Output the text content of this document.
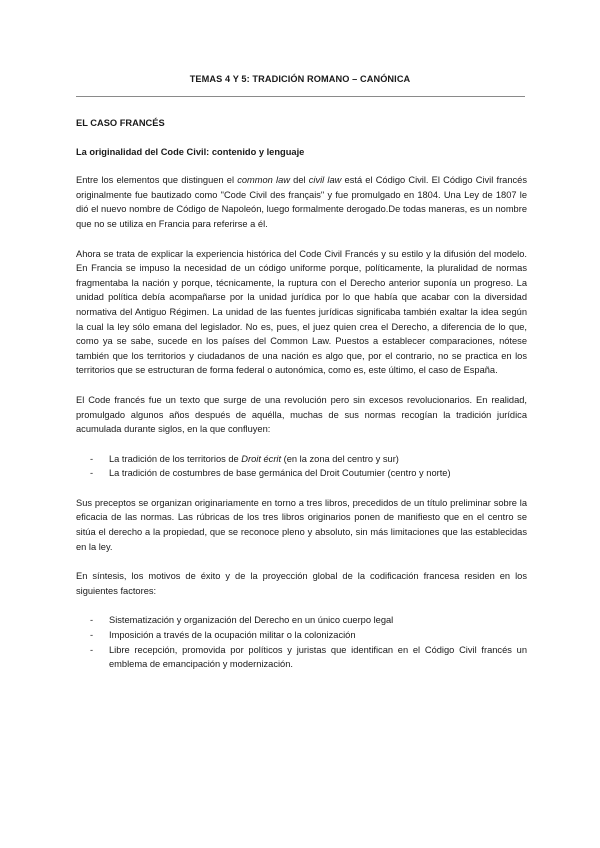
TEMAS 4 Y 5: TRADICIÓN ROMANO – CANÓNICA
EL CASO FRANCÉS
La originalidad del Code Civil: contenido y lenguaje

Entre los elementos que distinguen el common law del civil law está el Código Civil. El Código Civil francés originalmente fue bautizado como "Code Civil des français" y fue promulgado en 1804. Una Ley de 1807 le dió el nuevo nombre de Código de Napoleón, luego formalmente derogado.De todas maneras, es un nombre que no se utiliza en Francia para referirse a él.

Ahora se trata de explicar la experiencia histórica del Code Civil Francés y su estilo y la difusión del modelo. En Francia se impuso la necesidad de un código uniforme porque, políticamente, la pluralidad de normas fragmentaba la nación y porque, técnicamente, la ruptura con el Derecho anterior suponía un progreso. La unidad política debía acompañarse por la unidad jurídica por lo que había que acabar con la diversidad normativa del Antiguo Régimen. La unidad de las fuentes jurídicas significaba también exaltar la idea según la cual la ley sólo emana del legislador. No es, pues, el juez quien crea el Derecho, a diferencia de lo que, como ya se sabe, sucede en los países del Common Law. Puestos a establecer comparaciones, nótese también que los territorios y ciudadanos de una nación es algo que, por el contrario, no se practica en los territorios que se estructuran de forma federal o autonómica, como es, este último, el caso de España.

El Code francés fue un texto que surge de una revolución pero sin excesos revolucionarios. En realidad, promulgado algunos años después de aquélla, muchas de sus normas recogían la tradición jurídica acumulada durante siglos, en la que confluyen:

- La tradición de los territorios de Droit écrit (en la zona del centro y sur)
- La tradición de costumbres de base germánica del Droit Coutumier (centro y norte)

Sus preceptos se organizan originariamente en torno a tres libros, precedidos de un título preliminar sobre la eficacia de las normas. Las rúbricas de los tres libros originarios ponen de manifiesto que en el centro se sitúa el derecho a la propiedad, que se reconoce pleno y absoluto, sin más limitaciones que las establecidas en la ley.

En síntesis, los motivos de éxito y de la proyección global de la codificación francesa residen en los siguientes factores:

- Sistematización y organización del Derecho en un único cuerpo legal
- Imposición a través de la ocupación militar o la colonización
- Libre recepción, promovida por políticos y juristas que identifican en el Código Civil francés un emblema de emancipación y modernización.
